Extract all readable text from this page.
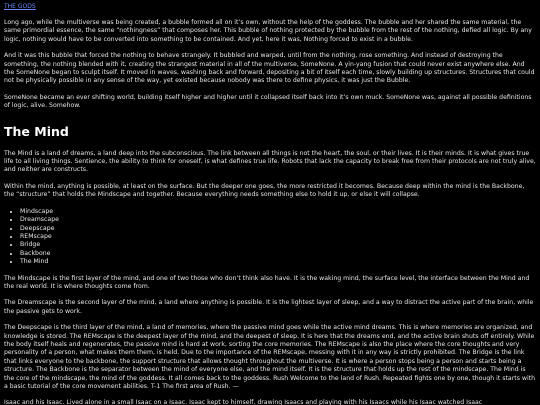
THE GODS

Long ago, while the multiverse was being created, a bubble formed all on it’s own, without the help of the goddess. The bubble and her shared the same material, the same primordial essence, the same “nothingness” that composes her. This bubble of nothing protected by the bubble from the rest of the nothing, defied all logic. By any logic, nothing would have to be converted into something to be contained. And yet, here it was, Nothing forced to exist in a bubble.

And it was this bubble that forced the nothing to behave strangely. It bubbled and warped, until from the nothing, rose something. And instead of destroying the something, the nothing blended with it, creating the strangest material in all of the multiverse, SomeNone. A yin-yang fusion that could never exist anywhere else. And the SomeNone began to sculpt itself. It moved in waves, washing back and forward, depositing a bit of itself each time, slowly building up structures. Structures that could not be physically possible in any sense of the way, yet existed because nobody was there to define physics, it was just the Bubble.

SomeNone became an ever shifting world, building itself higher and higher until it collapsed itself back into it’s own muck. SomeNone was, against all possible definitions of logic, alive. Somehow.

The Mind

The Mind is a land of dreams, a land deep into the subconscious. The link between all things is not the heart, the soul, or their lives. It is their minds. It is what gives true life to all living things. Sentience, the ability to think for oneself, is what defines true life. Robots that lack the capacity to break free from their protocols are not truly alive, and neither are constructs.

Within the mind, anything is possible, at least on the surface. But the deeper one goes, the more restricted it becomes. Because deep within the mind is the Backbone, the “structure” that holds the Mindscape and together. Because everything needs something else to hold it up, or else it will collapse.

• Mindscape
• Dreamscape
• Deepscape
• REMscape
• Bridge
• Backbone
• The Mind

The Mindscape is the first layer of the mind, and one of two those who don’t think also have. It is the waking mind, the surface level, the interface between the Mind and the real world. It is where thoughts come from.

The Dreamscape is the second layer of the mind, a land where anything is possible. It is the lightest layer of sleep, and a way to distract the active part of the brain, while the passive gets to work.

The Deepscape is the third layer of the mind, a land of memories, where the passive mind goes while the active mind dreams. This is where memories are organized, and knowledge is stored. The REMscape is the deepest layer of the mind, and the deepest of sleep. It is here that the dreams end, and the active brain shuts off entirely. While the body itself heals and regenerates, the passive mind is hard at work, sorting the core memories. The REMscape is also the place where the core thoughts and very personality of a person, what makes them them, is held. Due to the importance of the REMscape, messing with it in any way is strictly prohibited. The Bridge is the link that links everyone to the backbone, the support structure that allows thought throughout the multiverse. It is where a person stops being a person and starts being a structure. The Backbone is the separator between the mind of everyone else, and the mind itself. It is the structure that holds up the rest of the mindscape. The Mind is the core of the mindscape, the mind of the goddess. It all comes back to the goddess. Rush Welcome to the land of Rush. Repeated fights one by one, though it starts with a basic tutorial of the core movement abilities. T-1 The first area of Rush. —

Isaac and his Isaac. Lived alone in a small Isaac on a Isaac. Isaac kept to himself, drawing Isaacs and playing with his Isaacs while his Isaac watched Isaac
